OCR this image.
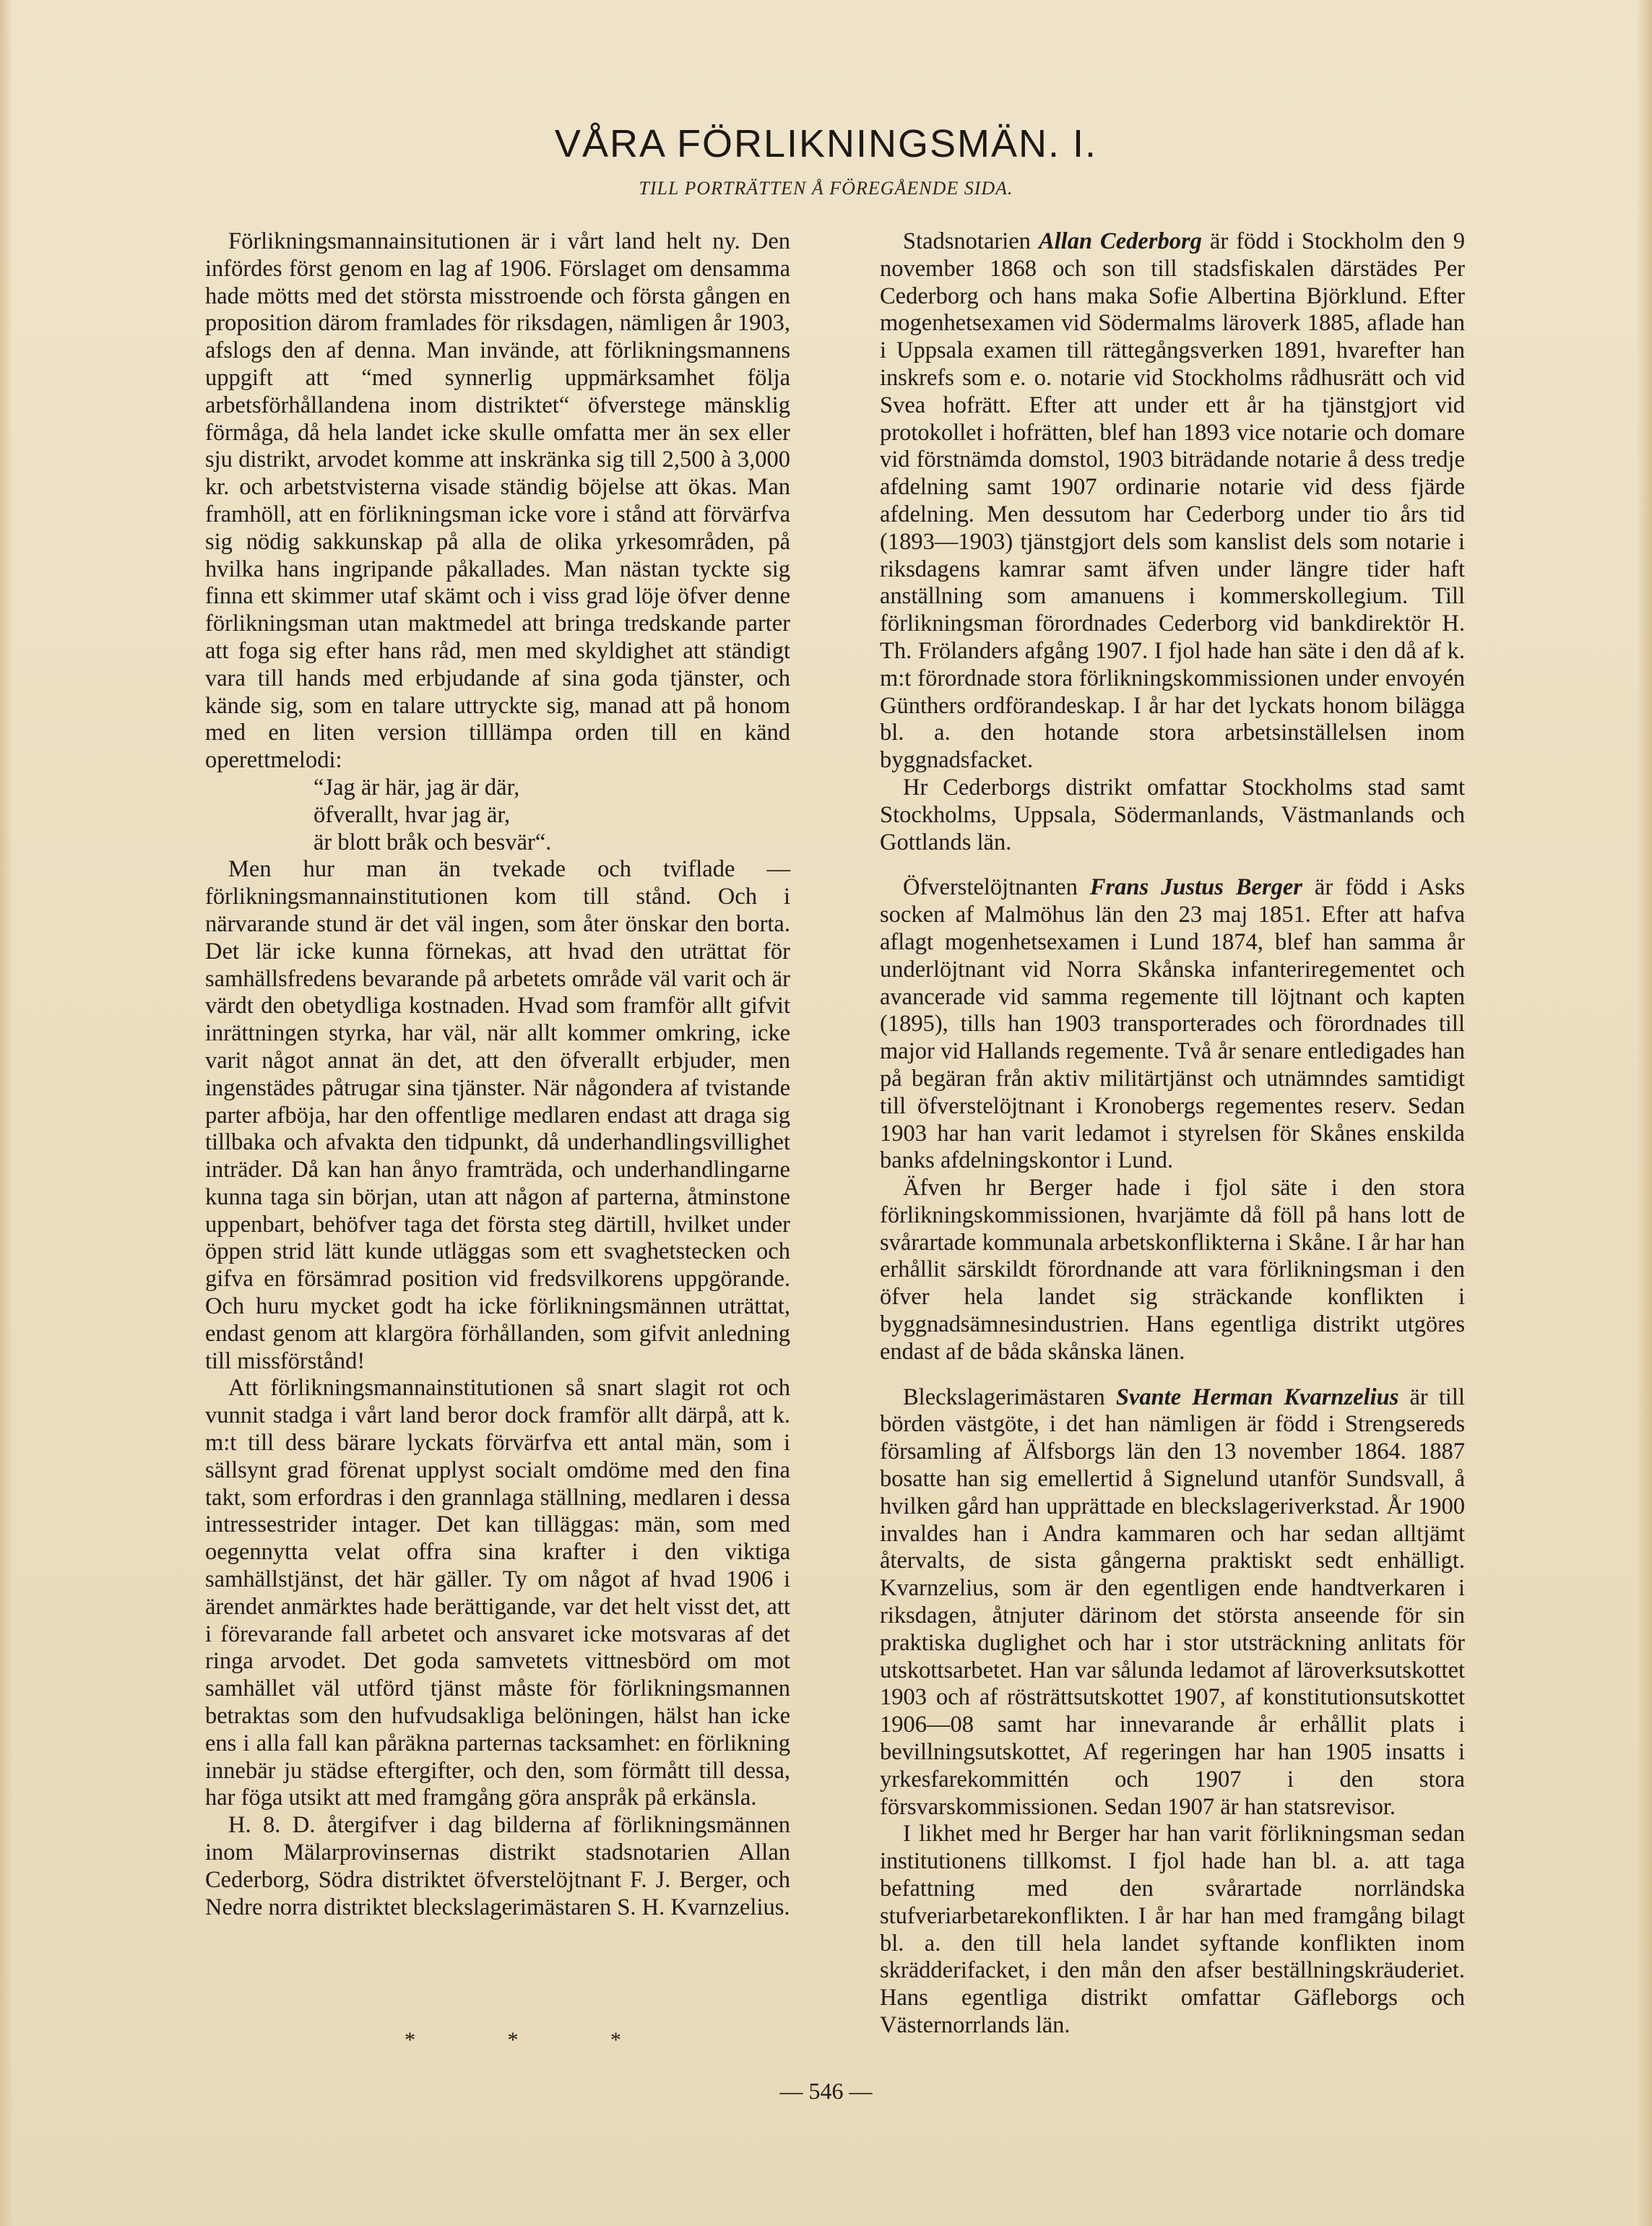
VÅRA FÖRLIKNINGSMÄN. I.
TILL PORTRÄTTEN Å FÖREGÅENDE SIDA.

Förlikningsmannainsitutionen är i vårt land helt ny. Den infördes först genom en lag af 1906. Förslaget om densamma hade mötts med det största misstroende och första gången en proposition därom framlades för riksdagen, nämligen år 1903, afslogs den af denna. Man invände, att förlikningsmannens uppgift att “med synnerlig uppmärksamhet följa arbetsförhållandena inom distriktet“ öfverstege mänsklig förmåga, då hela landet icke skulle omfatta mer än sex eller sju distrikt, arvodet komme att inskränka sig till 2,500 à 3,000 kr. och arbetstvisterna visade ständig böjelse att ökas. Man framhöll, att en förlikningsman icke vore i stånd att förvärfva sig nödig sakkunskap på alla de olika yrkesområden, på hvilka hans ingripande påkallades. Man nästan tyckte sig finna ett skimmer utaf skämt och i viss grad löje öfver denne förlikningsman utan maktmedel att bringa tredskande parter att foga sig efter hans råd, men med skyldighet att ständigt vara till hands med erbjudande af sina goda tjänster, och kände sig, som en talare uttryckte sig, manad att på honom med en liten version tilllämpa orden till en känd operettmelodi:

“Jag är här, jag är där,
öfverallt, hvar jag är,
är blott bråk och besvär“.

Men hur man än tvekade och tviflade — förlikningsmannainstitutionen kom till stånd. Och i närvarande stund är det väl ingen, som åter önskar den borta. Det lär icke kunna förnekas, att hvad den uträttat för samhällsfredens bevarande på arbetets område väl varit och är värdt den obetydliga kostnaden. Hvad som framför allt gifvit inrättningen styrka, har väl, när allt kommer omkring, icke varit något annat än det, att den öfverallt erbjuder, men ingenstädes påtrugar sina tjänster. När någondera af tvistande parter afböja, har den offentlige medlaren endast att draga sig tillbaka och afvakta den tidpunkt, då underhandlingsvillighet inträder. Då kan han ånyo framträda, och underhandlingarne kunna taga sin början, utan att någon af parterna, åtminstone uppenbart, behöfver taga det första steg därtill, hvilket under öppen strid lätt kunde utläggas som ett svaghetstecken och gifva en försämrad position vid fredsvilkorens uppgörande. Och huru mycket godt ha icke förlikningsmännen uträttat, endast genom att klargöra förhållanden, som gifvit anledning till missförstånd!

Att förlikningsmannainstitutionen så snart slagit rot och vunnit stadga i vårt land beror dock framför allt därpå, att k. m:t till dess bärare lyckats förvärfva ett antal män, som i sällsynt grad förenat upplyst socialt omdöme med den fina takt, som erfordras i den grannlaga ställning, medlaren i dessa intressestrider intager. Det kan tilläggas: män, som med oegennytta velat offra sina krafter i den viktiga samhällstjänst, det här gäller. Ty om något af hvad 1906 i ärendet anmärktes hade berättigande, var det helt visst det, att i förevarande fall arbetet och ansvaret icke motsvaras af det ringa arvodet. Det goda samvetets vittnesbörd om mot samhället väl utförd tjänst måste för förlikningsmannen betraktas som den hufvudsakliga belöningen, hälst han icke ens i alla fall kan påräkna parternas tacksamhet: en förlikning innebär ju städse eftergifter, och den, som förmått till dessa, har föga utsikt att med framgång göra anspråk på erkänsla.

H. 8. D. återgifver i dag bilderna af förlikningsmännen inom Mälarprovinsernas distrikt stadsnotarien Allan Cederborg, Södra distriktet öfverstelöjtnant F. J. Berger, och Nedre norra distriktet bleckslagerimästaren S. H. Kvarnzelius.

*	*	*

Stadsnotarien Allan Cederborg är född i Stockholm den 9 november 1868 och son till stadsfiskalen därstädes Per Cederborg och hans maka Sofie Albertina Björklund. Efter mogenhetsexamen vid Södermalms läroverk 1885, aflade han i Uppsala examen till rättegångsverken 1891, hvarefter han inskrefs som e. o. notarie vid Stockholms rådhusrätt och vid Svea hofrätt. Efter att under ett år ha tjänstgjort vid protokollet i hofrätten, blef han 1893 vice notarie och domare vid förstnämda domstol, 1903 biträdande notarie å dess tredje afdelning samt 1907 ordinarie notarie vid dess fjärde afdelning. Men dessutom har Cederborg under tio års tid (1893—1903) tjänstgjort dels som kanslist dels som notarie i riksdagens kamrar samt äfven under längre tider haft anställning som amanuens i kommerskollegium. Till förlikningsman förordnades Cederborg vid bankdirektör H. Th. Frölanders afgång 1907. I fjol hade han säte i den då af k. m:t förordnade stora förlikningskommissionen under envoyén Günthers ordförandeskap. I år har det lyckats honom bilägga bl. a. den hotande stora arbetsinställelsen inom byggnadsfacket.

Hr Cederborgs distrikt omfattar Stockholms stad samt Stockholms, Uppsala, Södermanlands, Västmanlands och Gottlands län.

Öfverstelöjtnanten Frans Justus Berger är född i Asks socken af Malmöhus län den 23 maj 1851. Efter att hafva aflagt mogenhetsexamen i Lund 1874, blef han samma år underlöjtnant vid Norra Skånska infanteriregementet och avancerade vid samma regemente till löjtnant och kapten (1895), tills han 1903 transporterades och förordnades till major vid Hallands regemente. Två år senare entledigades han på begäran från aktiv militärtjänst och utnämndes samtidigt till öfverstelöjtnant i Kronobergs regementes reserv. Sedan 1903 har han varit ledamot i styrelsen för Skånes enskilda banks afdelningskontor i Lund.

Äfven hr Berger hade i fjol säte i den stora förlikningskommissionen, hvarjämte då föll på hans lott de svårartade kommunala arbetskonflikterna i Skåne. I år har han erhållit särskildt förordnande att vara förlikningsman i den öfver hela landet sig sträckande konflikten i byggnadsämnesindustrien. Hans egentliga distrikt utgöres endast af de båda skånska länen.

Bleckslagerimästaren Svante Herman Kvarnzelius är till börden västgöte, i det han nämligen är född i Strengsereds församling af Älfsborgs län den 13 november 1864. 1887 bosatte han sig emellertid å Signelund utanför Sundsvall, å hvilken gård han upprättade en bleckslageriverkstad. År 1900 invaldes han i Andra kammaren och har sedan alltjämt återvalts, de sista gångerna praktiskt sedt enhälligt. Kvarnzelius, som är den egentligen ende handtverkaren i riksdagen, åtnjuter därinom det största anseende för sin praktiska duglighet och har i stor utsträckning anlitats för utskottsarbetet. Han var sålunda ledamot af läroverksutskottet 1903 och af rösträttsutskottet 1907, af konstitutionsutskottet 1906—08 samt har innevarande år erhållit plats i bevillningsutskottet, Af regeringen har han 1905 insatts i yrkesfarekommittén och 1907 i den stora försvarskommissionen. Sedan 1907 är han statsrevisor.

I likhet med hr Berger har han varit förlikningsman sedan institutionens tillkomst. I fjol hade han bl. a. att taga befattning med den svårartade norrländska stufveriarbetarekonflikten. I år har han med framgång bilagt bl. a. den till hela landet syftande konflikten inom skrädderifacket, i den mån den afser beställningskräuderiet. Hans egentliga distrikt omfattar Gäfleborgs och Västernorrlands län.

— 546 —
